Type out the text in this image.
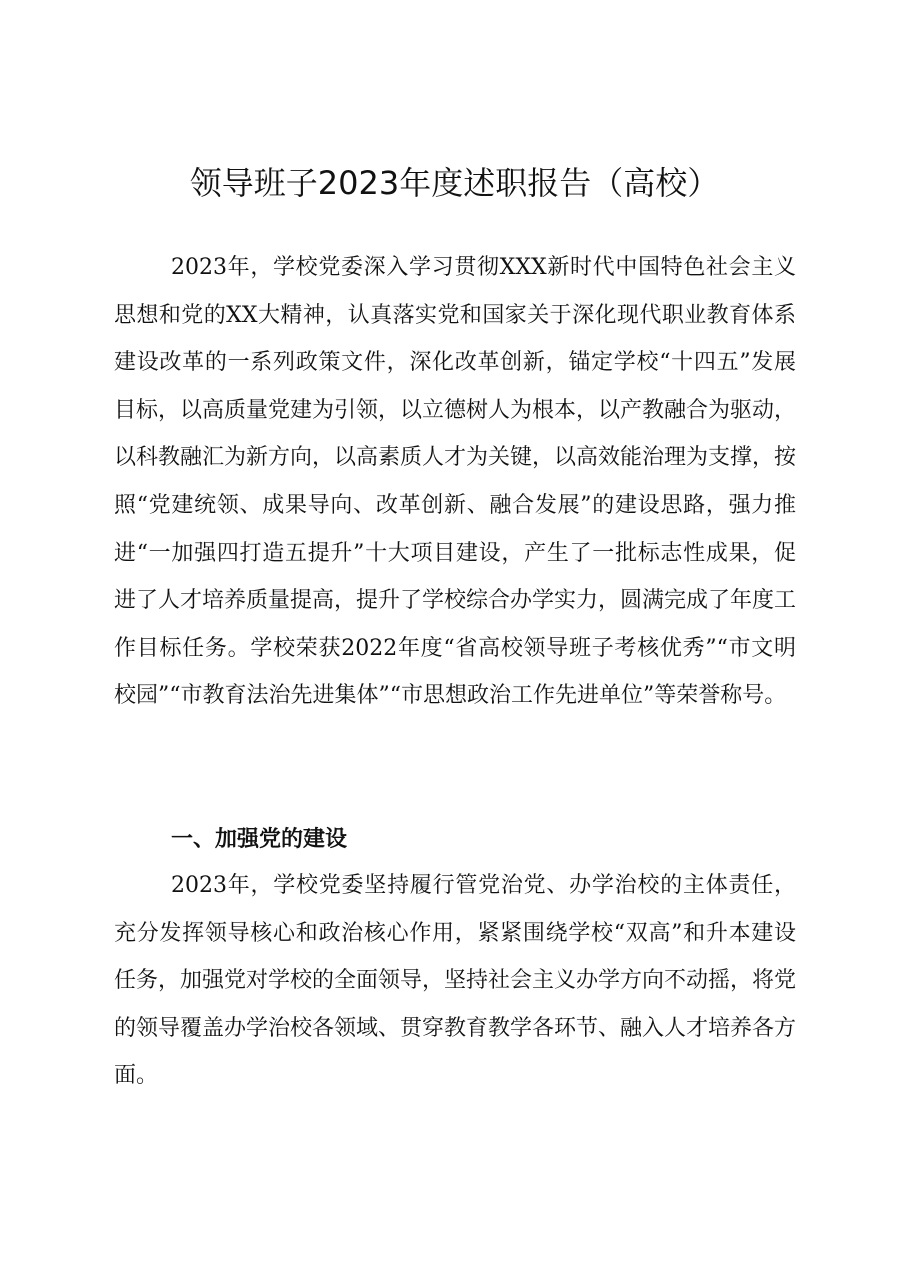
领导班子2023年度述职报告（高校）

2023年，学校党委深入学习贯彻XXX新时代中国特色社会主义思想和党的XX大精神，认真落实党和国家关于深化现代职业教育体系建设改革的一系列政策文件，深化改革创新，锚定学校“十四五”发展目标，以高质量党建为引领，以立德树人为根本，以产教融合为驱动，以科教融汇为新方向，以高素质人才为关键，以高效能治理为支撑，按照“党建统领、成果导向、改革创新、融合发展”的建设思路，强力推进“一加强四打造五提升”十大项目建设，产生了一批标志性成果，促进了人才培养质量提高，提升了学校综合办学实力，圆满完成了年度工作目标任务。学校荣获2022年度“省高校领导班子考核优秀”“市文明校园”“市教育法治先进集体”“市思想政治工作先进单位”等荣誉称号。

一、加强党的建设

2023年，学校党委坚持履行管党治党、办学治校的主体责任， 充分发挥领导核心和政治核心作用，紧紧围绕学校“双高”和升本建设任务，加强党对学校的全面领导，坚持社会主义办学方向不动摇，将党的领导覆盖办学治校各领域、贯穿教育教学各环节、融入人才培养各方面。
